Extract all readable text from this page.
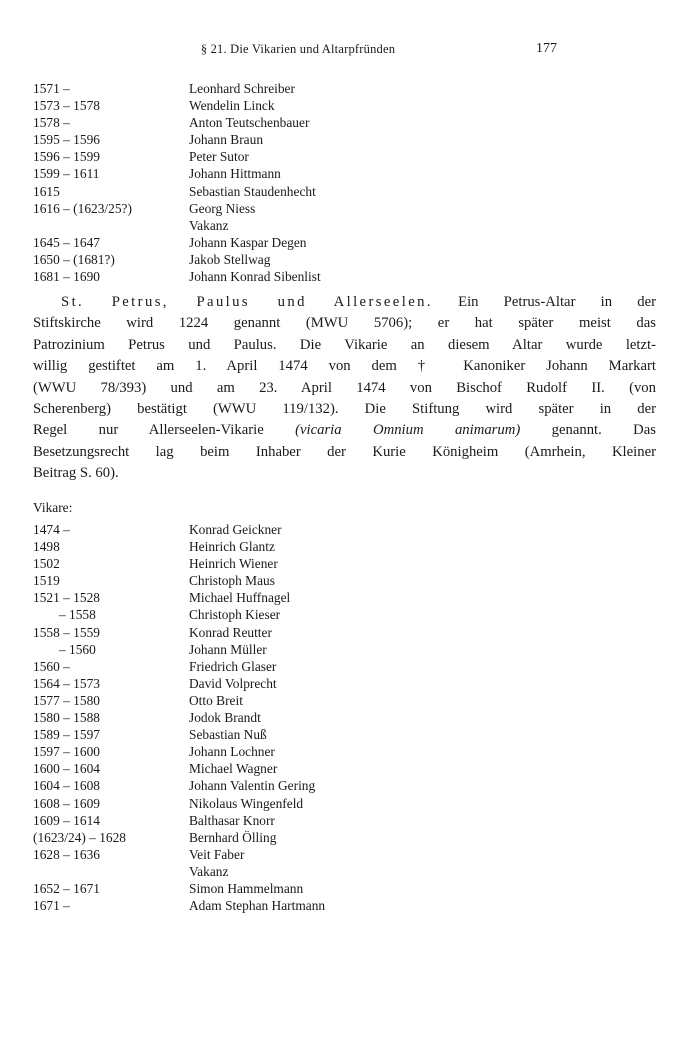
§ 21. Die Vikarien und Altarpfründen	177
1571 –	Leonhard Schreiber
1573 – 1578	Wendelin Linck
1578 –	Anton Teutschenbauer
1595 – 1596	Johann Braun
1596 – 1599	Peter Sutor
1599 – 1611	Johann Hittmann
1615	Sebastian Staudenhecht
1616 – (1623/25?)	Georg Niess
Vakanz
1645 – 1647	Johann Kaspar Degen
1650 – (1681?)	Jakob Stellwag
1681 – 1690	Johann Konrad Sibenlist
St. Petrus, Paulus und Allerseelen. Ein Petrus-Altar in der
Stiftskirche wird 1224 genannt (MWU 5706); er hat später meist das
Patrozinium Petrus und Paulus. Die Vikarie an diesem Altar wurde letzt-
willig gestiftet am 1. April 1474 von dem † Kanoniker Johann Markart
(WWU 78/393) und am 23. April 1474 von Bischof Rudolf II. (von
Scherenberg) bestätigt (WWU 119/132). Die Stiftung wird später in der
Regel nur Allerseelen-Vikarie (vicaria Omnium animarum) genannt. Das
Besetzungsrecht lag beim Inhaber der Kurie Königheim (Amrhein, Kleiner
Beitrag S. 60).
Vikare:
1474 –	Konrad Geickner
1498	Heinrich Glantz
1502	Heinrich Wiener
1519	Christoph Maus
1521 – 1528	Michael Huffnagel
– 1558	Christoph Kieser
1558 – 1559	Konrad Reutter
– 1560	Johann Müller
1560 –	Friedrich Glaser
1564 – 1573	David Volprecht
1577 – 1580	Otto Breit
1580 – 1588	Jodok Brandt
1589 – 1597	Sebastian Nuß
1597 – 1600	Johann Lochner
1600 – 1604	Michael Wagner
1604 – 1608	Johann Valentin Gering
1608 – 1609	Nikolaus Wingenfeld
1609 – 1614	Balthasar Knorr
(1623/24) – 1628	Bernhard Ölling
1628 – 1636	Veit Faber
Vakanz
1652 – 1671	Simon Hammelmann
1671 –	Adam Stephan Hartmann
